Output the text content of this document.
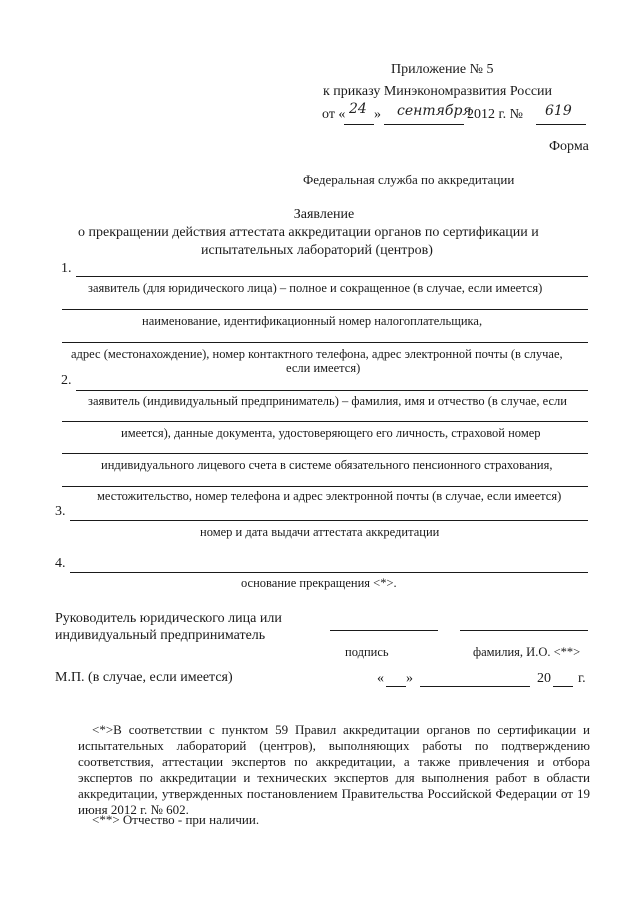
Приложение № 5
к приказу Минэкономразвития России
от « 24 » сентября
2012 г. № 619
Форма
Федеральная служба по аккредитации
Заявление
о прекращении действия аттестата аккредитации органов по сертификации и
испытательных лабораторий (центров)
1.
заявитель (для юридического лица) – полное и сокращенное (в случае, если имеется)
наименование, идентификационный номер налогоплательщика,
адрес (местонахождение), номер контактного телефона, адрес электронной почты (в случае,
если имеется)
2.
заявитель (индивидуальный предприниматель) – фамилия, имя и отчество (в случае, если
имеется), данные документа, удостоверяющего его личность, страховой номер
индивидуального лицевого счета в системе обязательного пенсионного страхования,
местожительство, номер телефона и адрес электронной почты (в случае, если имеется)
3.
номер и дата выдачи аттестата аккредитации
4.
основание прекращения <*>.
Руководитель юридического лица или
индивидуальный предприниматель
подпись	фамилия, И.О. <**>
М.П. (в случае, если имеется)	« »	20 г.
<*>В соответствии с пунктом 59 Правил аккредитации органов по сертификации и испытательных лабораторий (центров), выполняющих работы по подтверждению соответствия, аттестации экспертов по аккредитации, а также привлечения и отбора экспертов по аккредитации и технических экспертов для выполнения работ в области аккредитации, утвержденных постановлением Правительства Российской Федерации от 19 июня 2012 г. № 602.
<**> Отчество - при наличии.
